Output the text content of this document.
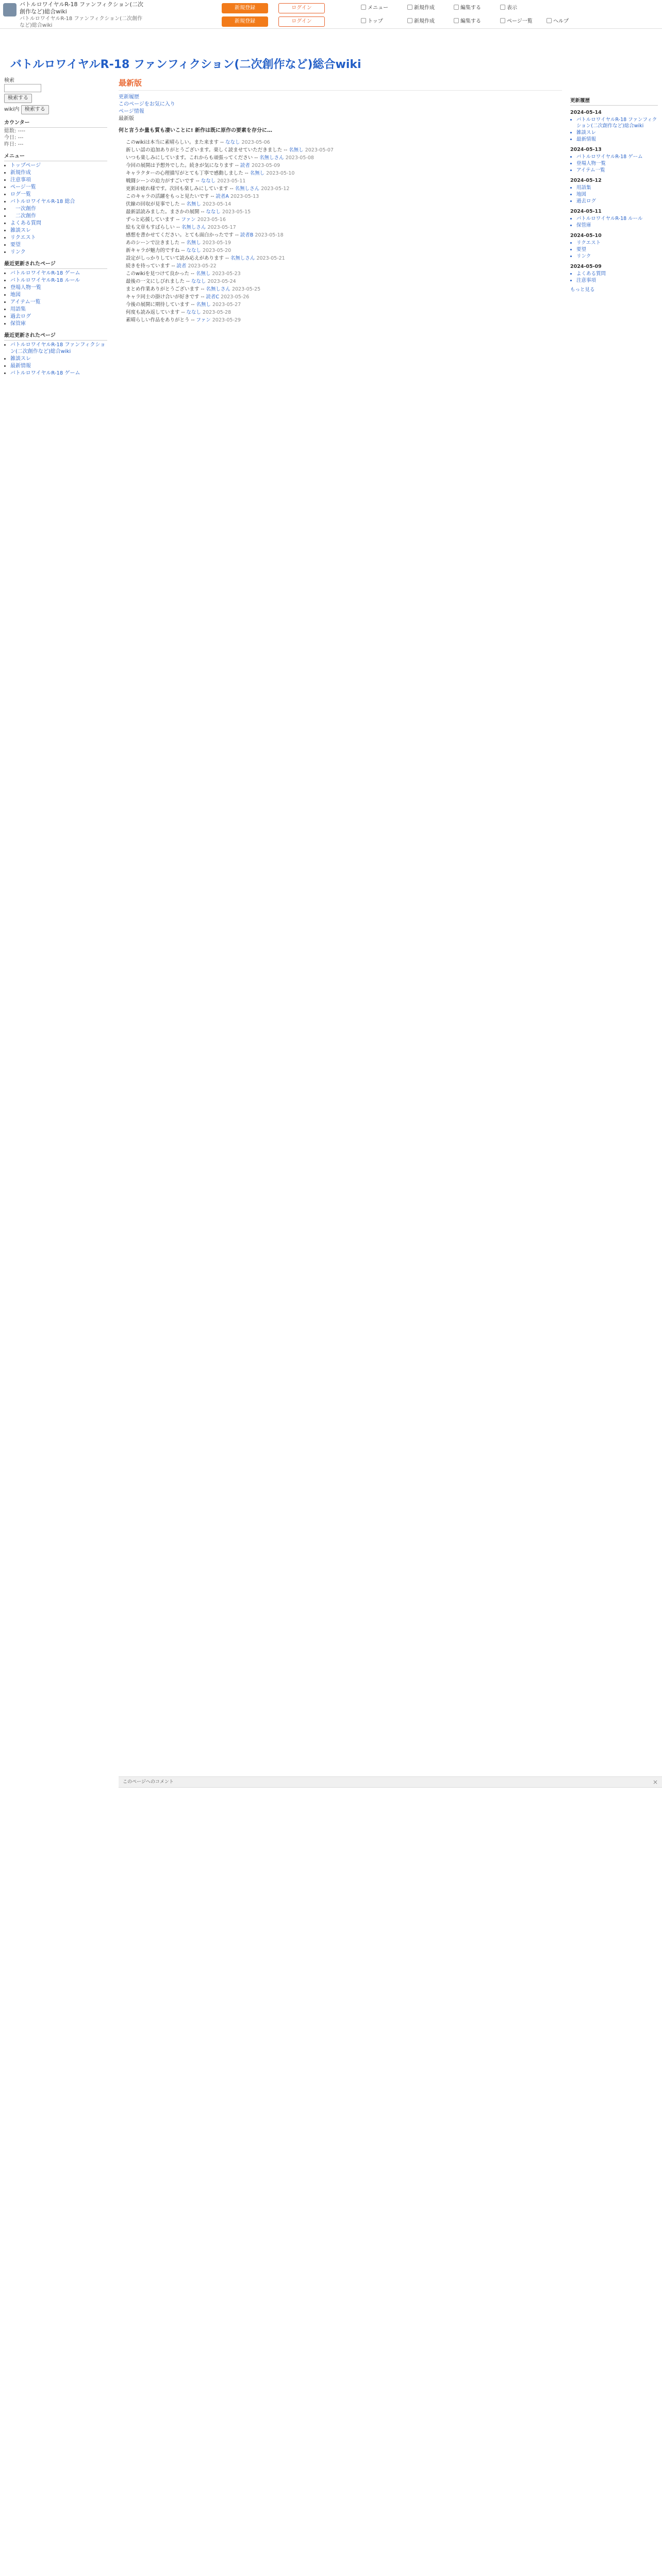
バトルロワイヤルR-18 ファンフィクション(二次創作など)総合wiki
バトルロワイヤルR-18 ファンフィクション(二次創作など)総合wiki
新規登録	ログイン	メニュー	新規作成	編集する	表示
新規登録	ログイン	トップ	新規作成	編集する	ページ一覧	ヘルプ
バトルロワイヤルR-18 ファンフィクション(二次創作など)総合wiki
検索
検索する
wiki内 検索する
カウンター
総数: ----
今日: ---
昨日: ---
メニュー
• トップページ
• 新規作成
• 注意事項
• ページ一覧
• ログ一覧
• バトルロワイヤルR-18 総合
• 一次創作
• 二次創作
• よくある質問
• 雑談スレ
• リクエスト
• 要望
• リンク
最近更新されたページ
• バトルロワイヤルR-18 ゲーム
• バトルロワイヤルR-18 ルール
• 登場人物一覧
• 地図
• アイテム一覧
• 用語集
• 過去ログ
• 保管庫
最近更新されたページ
• バトルロワイヤルR-18 ファンフィクション(二次創作など)総合wiki
• 雑談スレ
• 最新情報
• バトルロワイヤルR-18 ゲーム
最新版
更新履歴
このページをお気に入り
ページ情報
最新版
何と言うか量も質も凄いことに! 新作は既に原作の要素を存分に…
• このwikiは本当に素晴らしい。また来ます -- ななし 2023-05-06
• 新しい話の追加ありがとうございます。楽しく読ませていただきました -- 名無し 2023-05-07
• いつも楽しみにしています。これからも頑張ってください -- 名無しさん 2023-05-08
• 今回の展開は予想外でした。続きが気になります -- 読者 2023-05-09
• キャラクターの心理描写がとても丁寧で感動しました -- 名無し 2023-05-10
• 戦闘シーンの迫力がすごいです -- ななし 2023-05-11
• 更新お疲れ様です。次回も楽しみにしています -- 名無しさん 2023-05-12
• このキャラの活躍をもっと見たいです -- 読者A 2023-05-13
• 伏線の回収が見事でした -- 名無し 2023-05-14
• 最新話読みました。まさかの展開 -- ななし 2023-05-15
• ずっと応援しています -- ファン 2023-05-16
• 絵も文章もすばらしい -- 名無しさん 2023-05-17
• 感想を書かせてください。とても面白かったです -- 読者B 2023-05-18
• あのシーンで泣きました -- 名無し 2023-05-19
• 新キャラが魅力的ですね -- ななし 2023-05-20
• 設定がしっかりしていて読み応えがあります -- 名無しさん 2023-05-21
• 続きを待っています -- 読者 2023-05-22
• このwikiを見つけて良かった -- 名無し 2023-05-23
• 最後の一文にしびれました -- ななし 2023-05-24
• まとめ作業ありがとうございます -- 名無しさん 2023-05-25
• キャラ同士の掛け合いが好きです -- 読者C 2023-05-26
• 今後の展開に期待しています -- 名無し 2023-05-27
• 何度も読み返しています -- ななし 2023-05-28
• 素晴らしい作品をありがとう -- ファン 2023-05-29
このページへのコメント	×
更新履歴
2024-05-14
• バトルロワイヤルR-18 ファンフィクション(二次創作など)総合wiki
• 雑談スレ
• 最新情報
2024-05-13
• バトルロワイヤルR-18 ゲーム
• 登場人物一覧
• アイテム一覧
2024-05-12
• 用語集
• 地図
• 過去ログ
2024-05-11
• バトルロワイヤルR-18 ルール
• 保管庫
2024-05-10
• リクエスト
• 要望
• リンク
2024-05-09
• よくある質問
• 注意事項
もっと見る
